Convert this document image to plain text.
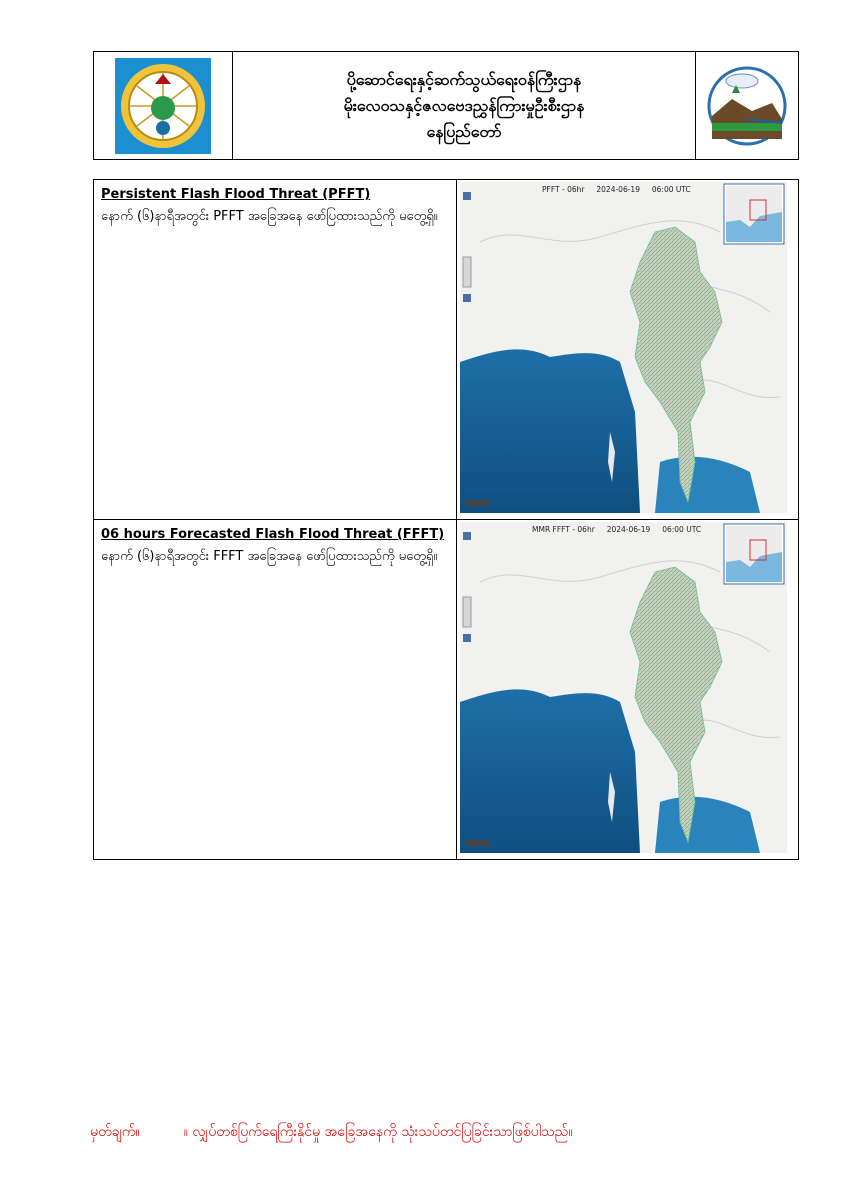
ပို့ဆောင်ရေးနှင့်ဆက်သွယ်ရေးဝန်ကြီးဌာန
မိုးလေဝသနှင့်ဇလဗေဒညွှန်ကြားမှုဦးစီးဌာန
နေပြည်တော်
Persistent Flash Flood Threat (PFFT)
နောက် (၆)နာရီအတွင်း PFFT အခြေအနေ ဖော်ပြထားသည်ကို မတွေ့ရှိ။
PFFT - 06hr     2024-06-19     06:00 UTC
06 hours Forecasted Flash Flood Threat (FFFT)
နောက် (၆)နာရီအတွင်း FFFT အခြေအနေ ဖော်ပြထားသည်ကို မတွေ့ရှိ။
MMR FFFT - 06hr     2024-06-19     06:00 UTC
မှတ်ချက်။	။ လျှပ်တစ်ပြက်ရေကြီးနိုင်မှု အခြေအနေကို သုံးသပ်တင်ပြခြင်းသာဖြစ်ပါသည်။
